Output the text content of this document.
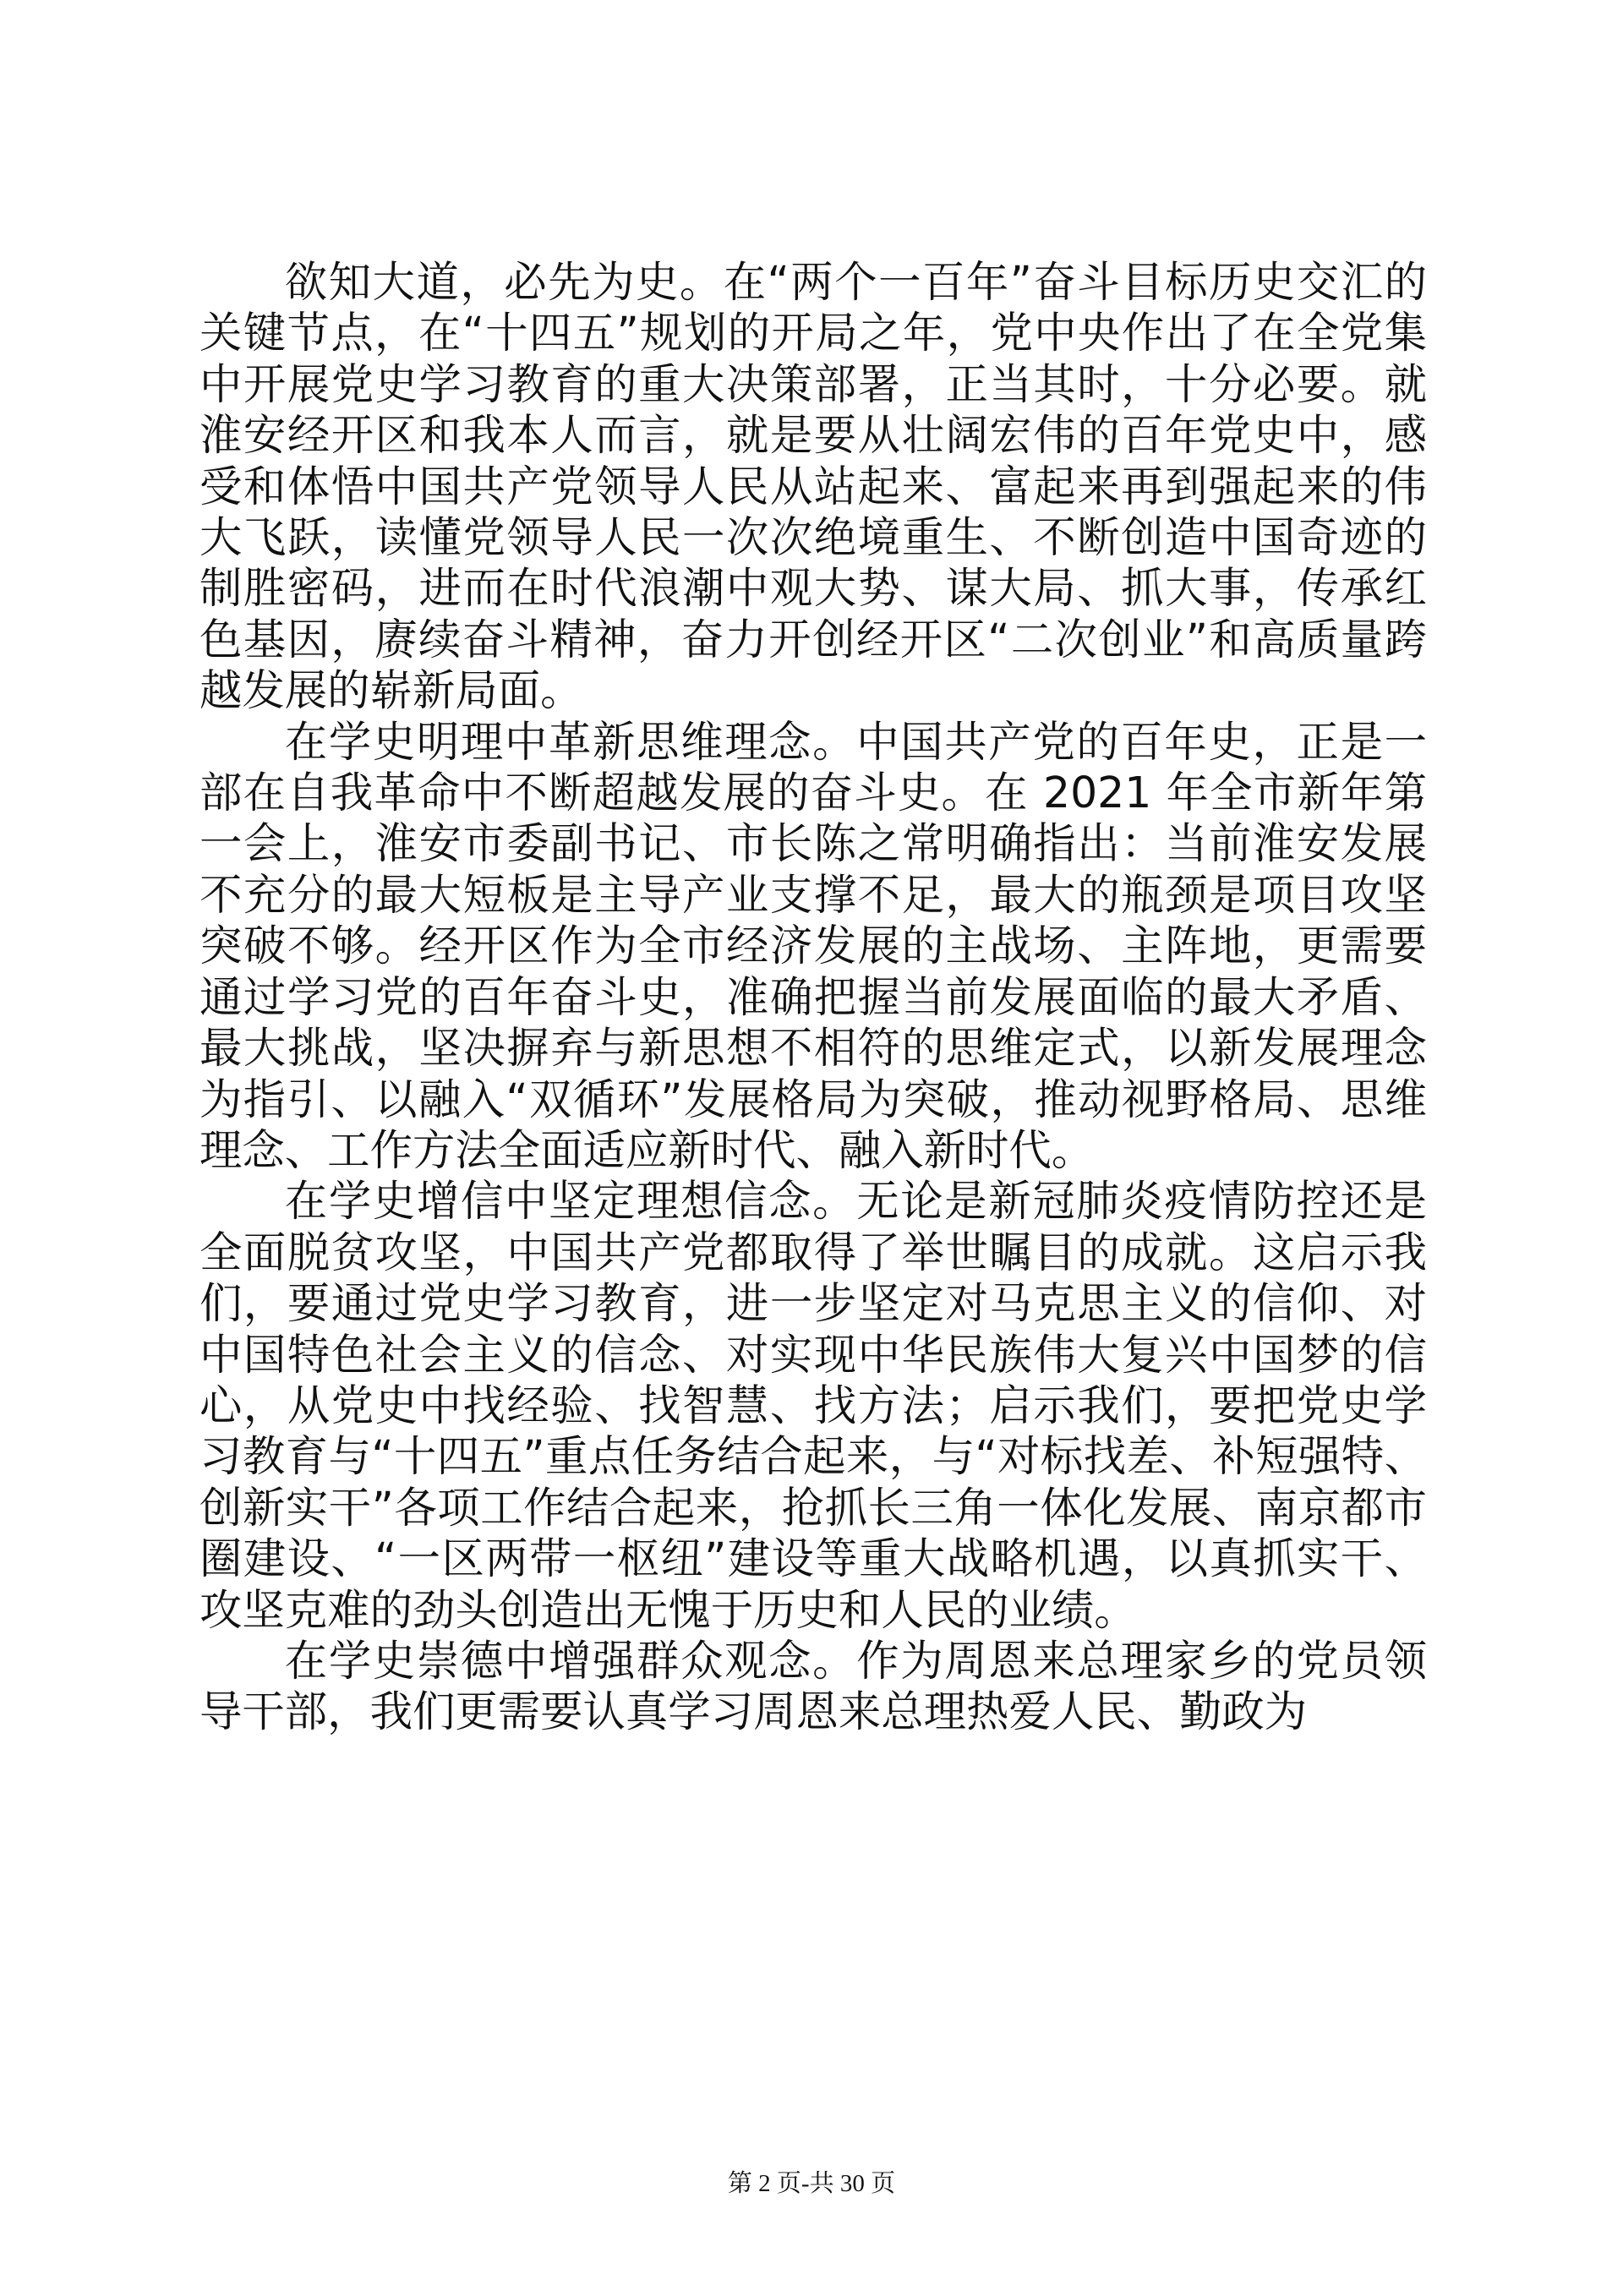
欲知大道，必先为史。在“两个一百年”奋斗目标历史交汇的关键节点，在“十四五”规划的开局之年，党中央作出了在全党集中开展党史学习教育的重大决策部署，正当其时，十分必要。就淮安经开区和我本人而言，就是要从壮阔宏伟的百年党史中，感受和体悟中国共产党领导人民从站起来、富起来再到强起来的伟大飞跃，读懂党领导人民一次次绝境重生、不断创造中国奇迹的制胜密码，进而在时代浪潮中观大势、谋大局、抓大事，传承红色基因，赓续奋斗精神，奋力开创经开区“二次创业”和高质量跨越发展的崭新局面。

在学史明理中革新思维理念。中国共产党的百年史，正是一部在自我革命中不断超越发展的奋斗史。在 2021 年全市新年第一会上，淮安市委副书记、市长陈之常明确指出：当前淮安发展不充分的最大短板是主导产业支撑不足，最大的瓶颈是项目攻坚突破不够。经开区作为全市经济发展的主战场、主阵地，更需要通过学习党的百年奋斗史，准确把握当前发展面临的最大矛盾、最大挑战，坚决摒弃与新思想不相符的思维定式，以新发展理念为指引、以融入“双循环”发展格局为突破，推动视野格局、思维理念、工作方法全面适应新时代、融入新时代。

在学史增信中坚定理想信念。无论是新冠肺炎疫情防控还是全面脱贫攻坚，中国共产党都取得了举世瞩目的成就。这启示我们，要通过党史学习教育，进一步坚定对马克思主义的信仰、对中国特色社会主义的信念、对实现中华民族伟大复兴中国梦的信心，从党史中找经验、找智慧、找方法；启示我们，要把党史学习教育与“十四五”重点任务结合起来，与“对标找差、补短强特、创新实干”各项工作结合起来，抢抓长三角一体化发展、南京都市圈建设、“一区两带一枢纽”建设等重大战略机遇，以真抓实干、攻坚克难的劲头创造出无愧于历史和人民的业绩。

在学史崇德中增强群众观念。作为周恩来总理家乡的党员领导干部，我们更需要认真学习周恩来总理热爱人民、勤政为

第 2 页-共 30 页
